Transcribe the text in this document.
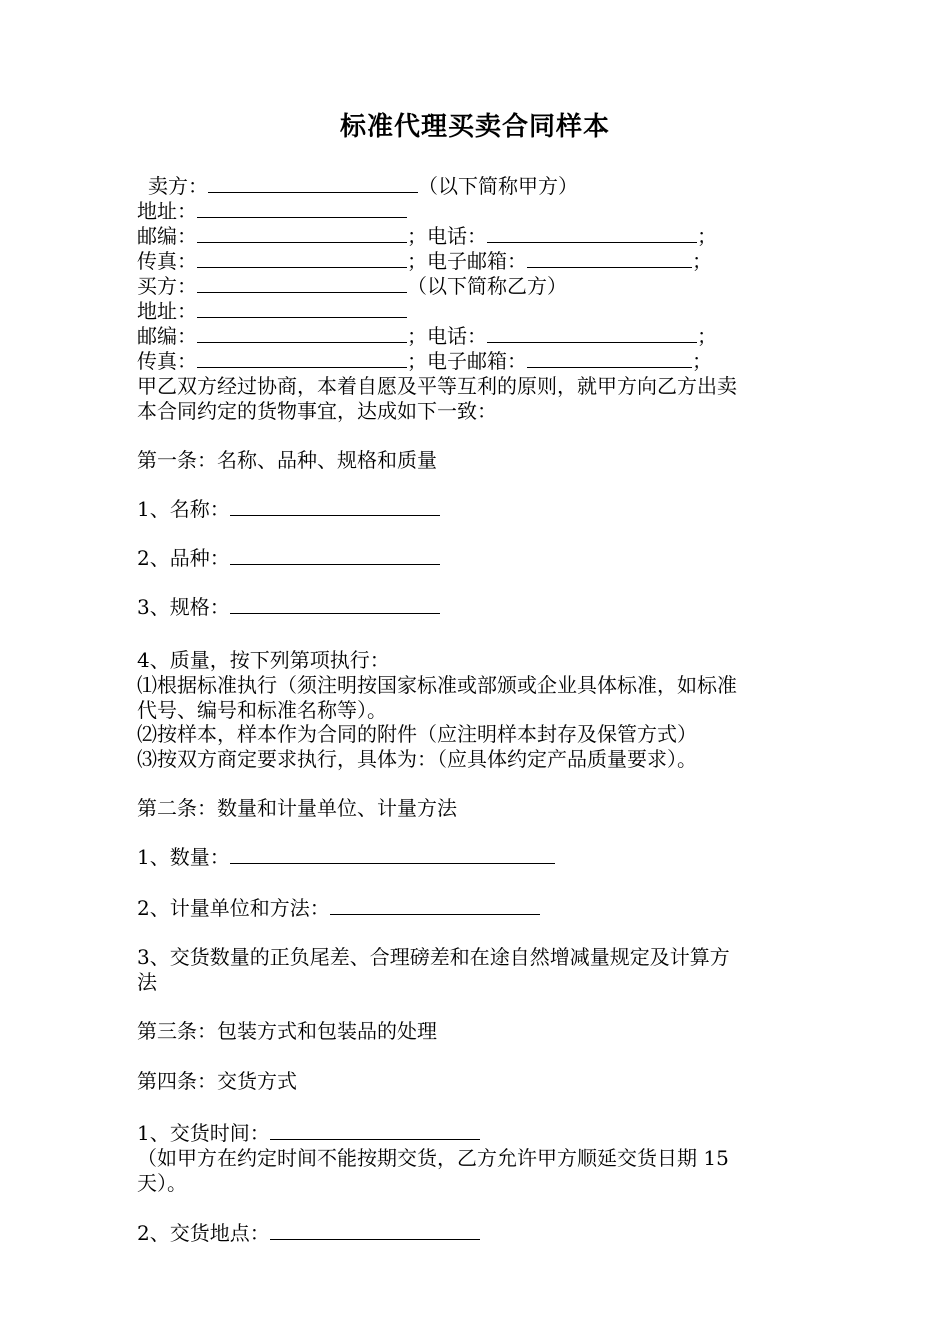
标准代理买卖合同样本
卖方：	（以下简称甲方）
地址：
邮编：	；电话：	；
传真：	；电子邮箱：	；
买方：	（以下简称乙方）
地址：
邮编：	；电话：	；
传真：	；电子邮箱：	；
甲乙双方经过协商，本着自愿及平等互利的原则，就甲方向乙方出卖
本合同约定的货物事宜，达成如下一致：
第一条：名称、品种、规格和质量
1、名称：
2、品种：
3、规格：
4、质量，按下列第项执行：
⑴根据标准执行（须注明按国家标准或部颁或企业具体标准，如标准
代号、编号和标准名称等）。
⑵按样本，样本作为合同的附件（应注明样本封存及保管方式）
⑶按双方商定要求执行，具体为：（应具体约定产品质量要求）。
第二条：数量和计量单位、计量方法
1、数量：
2、计量单位和方法：
3、交货数量的正负尾差、合理磅差和在途自然增减量规定及计算方
法
第三条：包装方式和包装品的处理
第四条：交货方式
1、交货时间：
（如甲方在约定时间不能按期交货，乙方允许甲方顺延交货日期 15
天）。
2、交货地点：
